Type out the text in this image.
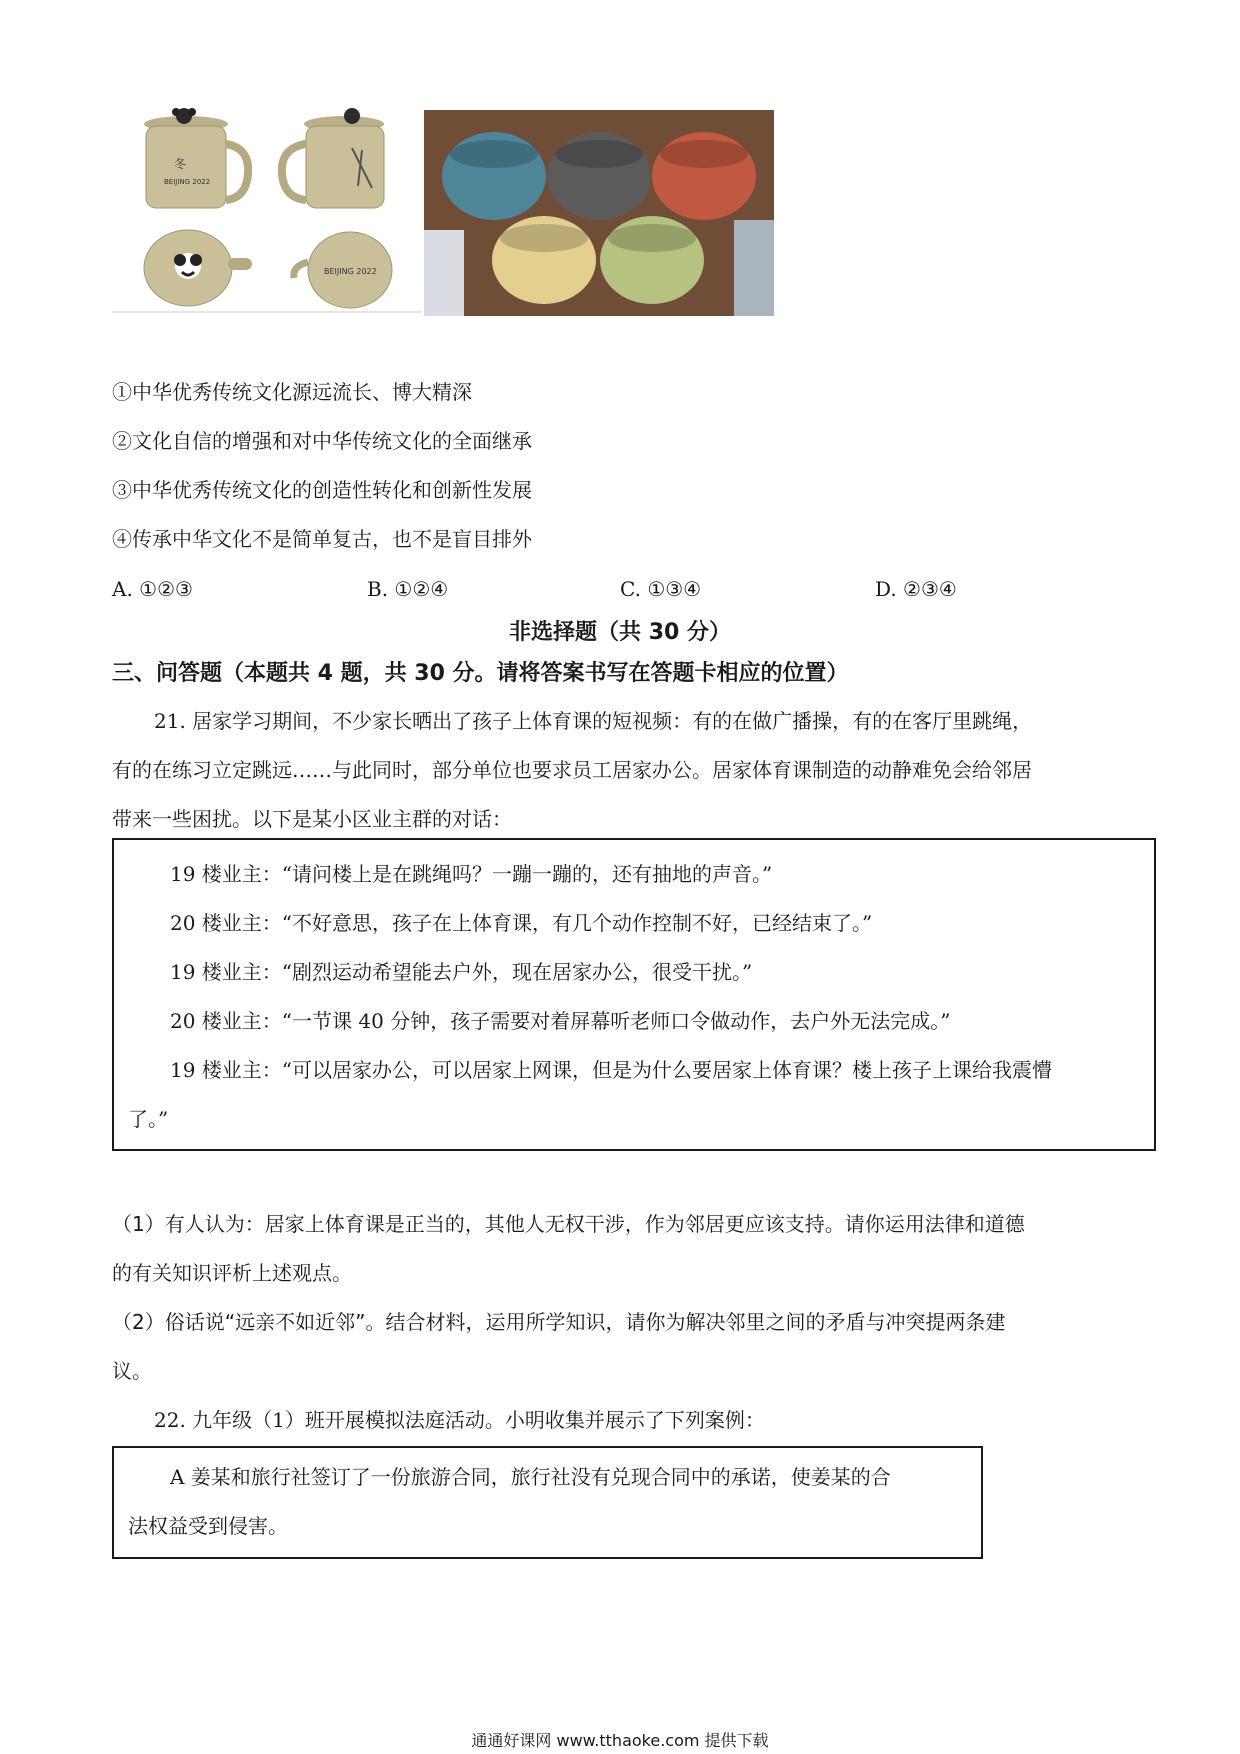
冬
BEIJING 2022
BEIJING 2022
①中华优秀传统文化源远流长、博大精深
②文化自信的增强和对中华传统文化的全面继承
③中华优秀传统文化的创造性转化和创新性发展
④传承中华文化不是简单复古，也不是盲目排外
A. ①②③	B. ①②④	C. ①③④	D. ②③④
非选择题（共 30 分）
三、问答题（本题共 4 题，共 30 分。请将答案书写在答题卡相应的位置）
21. 居家学习期间，不少家长晒出了孩子上体育课的短视频：有的在做广播操，有的在客厅里跳绳，
有的在练习立定跳远……与此同时，部分单位也要求员工居家办公。居家体育课制造的动静难免会给邻居
带来一些困扰。以下是某小区业主群的对话：
19 楼业主：“请问楼上是在跳绳吗？一蹦一蹦的，还有抽地的声音。”
20 楼业主：“不好意思，孩子在上体育课，有几个动作控制不好，已经结束了。”
19 楼业主：“剧烈运动希望能去户外，现在居家办公，很受干扰。”
20 楼业主：“一节课 40 分钟，孩子需要对着屏幕听老师口令做动作，去户外无法完成。”
19 楼业主：“可以居家办公，可以居家上网课，但是为什么要居家上体育课？楼上孩子上课给我震懵
了。”
（1）有人认为：居家上体育课是正当的，其他人无权干涉，作为邻居更应该支持。请你运用法律和道德
的有关知识评析上述观点。
（2）俗话说“远亲不如近邻”。结合材料，运用所学知识，请你为解决邻里之间的矛盾与冲突提两条建
议。
22. 九年级（1）班开展模拟法庭活动。小明收集并展示了下列案例：
A 姜某和旅行社签订了一份旅游合同，旅行社没有兑现合同中的承诺，使姜某的合
法权益受到侵害。
通通好课网 www.tthaoke.com 提供下载
